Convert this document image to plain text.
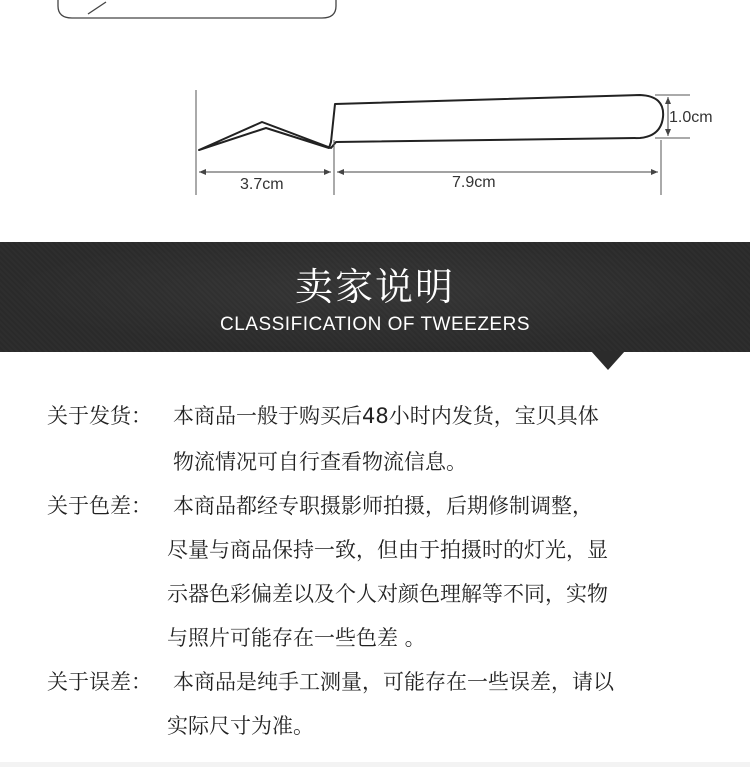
3.7cm	7.9cm
1.0cm
卖家说明
CLASSIFICATION OF TWEEZERS
关于发货： 本商品一般于购买后48小时内发货，宝贝具体
物流情况可自行查看物流信息。
关于色差： 本商品都经专职摄影师拍摄，后期修制调整，
尽量与商品保持一致，但由于拍摄时的灯光，显
示器色彩偏差以及个人对颜色理解等不同，实物
与照片可能存在一些色差 。
关于误差： 本商品是纯手工测量，可能存在一些误差，请以
实际尺寸为准。
